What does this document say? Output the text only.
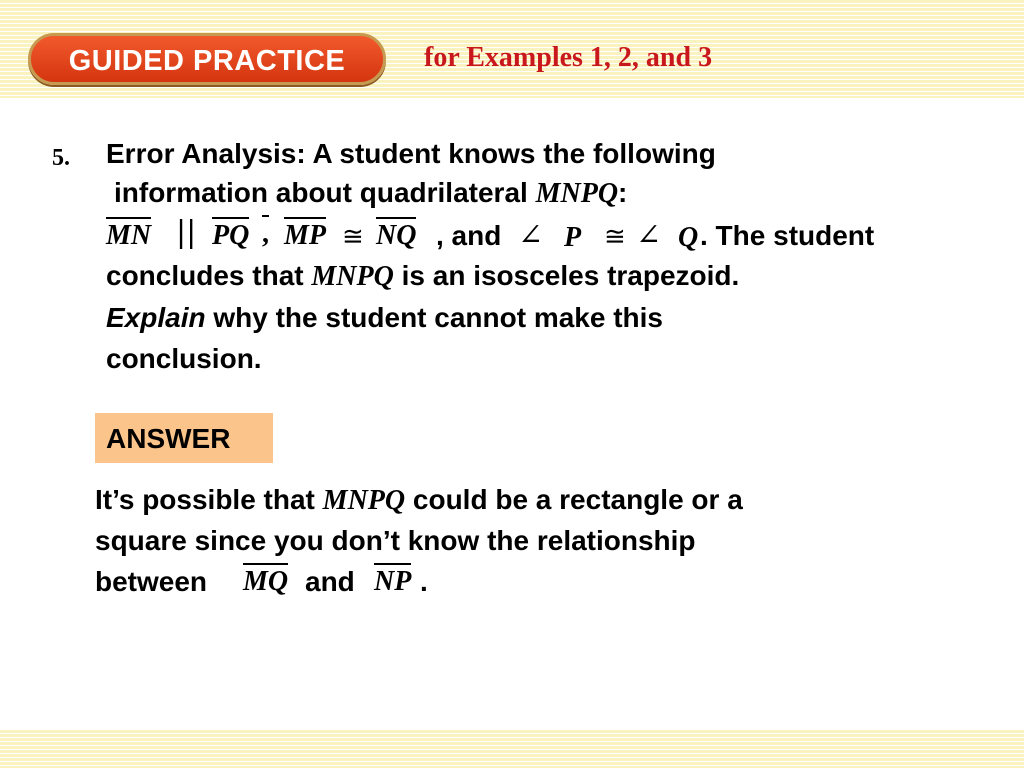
GUIDED PRACTICE	for Examples 1, 2, and 3
5. Error Analysis: A student knows the following
information about quadrilateral MNPQ:
MN || PQ , MP ≅ NQ , and ∠ P ≅ ∠ Q . The student
concludes that MNPQ is an isosceles trapezoid.
Explain why the student cannot make this
conclusion.
ANSWER
It’s possible that MNPQ could be a rectangle or a
square since you don’t know the relationship
between MQ and NP .
